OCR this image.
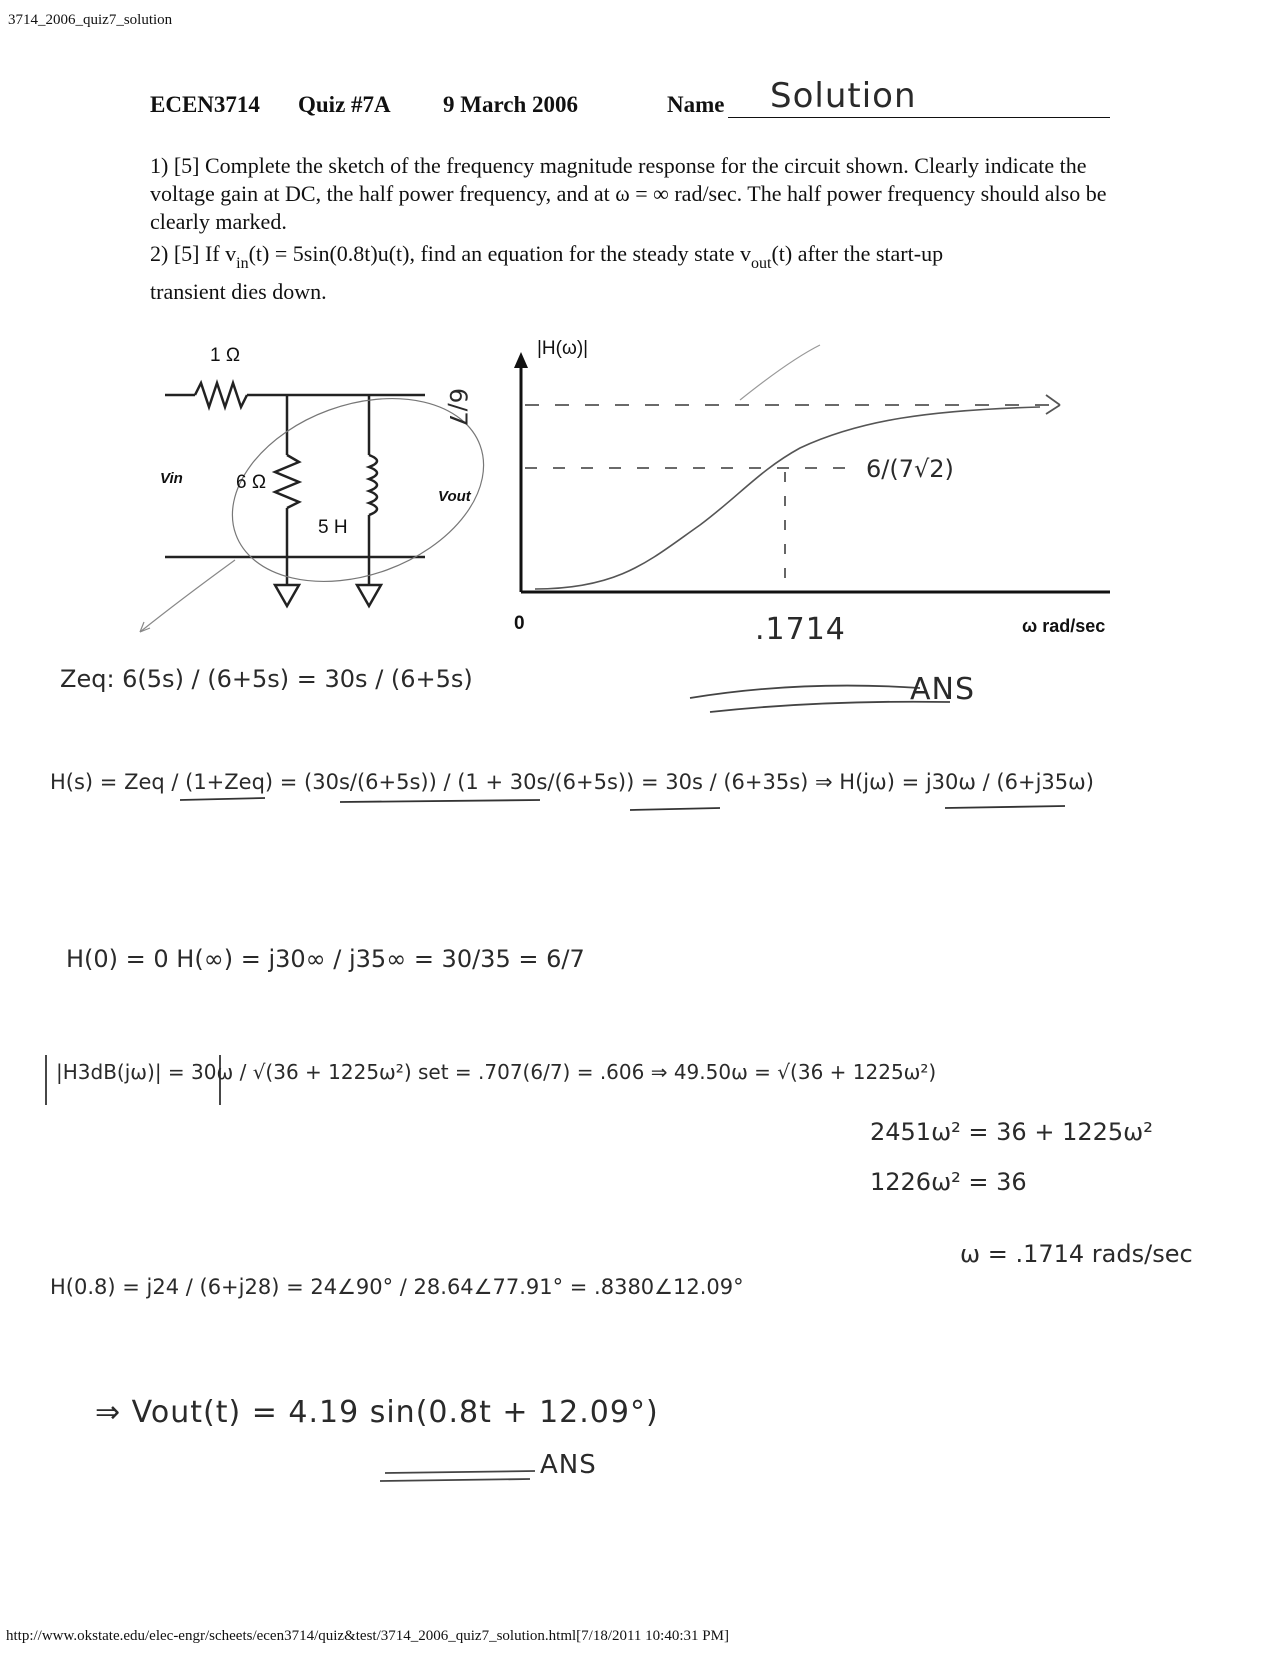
3714_2006_quiz7_solution
ECEN3714 Quiz #7A 9 March 2006	Name Solution
1) [5] Complete the sketch of the frequency magnitude response for the circuit shown. Clearly indicate the voltage gain at DC, the half power frequency, and at ω = ∞ rad/sec. The half power frequency should also be clearly marked.
2) [5] If $v_{in}(t) = 5\sin(0.8t)u(t)$, find an equation for the steady state $v_{out}(t)$ after the start-up
transient dies down.
1 Ω
6 Ω
5 H
Vin
Vout
|H(ω)|
ω rad/sec
0
6/7
6/(7√2)
.1714
ANS
Zeq: 6(5s) / (6+5s) = 30s / (6+5s)
H(s) = Zeq / (1+Zeq) = (30s/(6+5s)) / (1 + 30s/(6+5s)) = 30s / (6+35s) ⇒ H(jω) = j30ω / (6+j35ω)
H(0) = 0 H(∞) = j30∞ / j35∞ = 30/35 = 6/7
|H3dB(jω)| = 30ω / √(36 + 1225ω²) set = .707(6/7) = .606 ⇒ 49.50ω = √(36 + 1225ω²)
2451ω² = 36 + 1225ω²
1226ω² = 36
ω = .1714 rads/sec
H(0.8) = j24 / (6+j28) = 24∠90° / 28.64∠77.91° = .8380∠12.09°
⇒ Vout(t) = 4.19 sin(0.8t + 12.09°)
ANS
http://www.okstate.edu/elec-engr/scheets/ecen3714/quiz&test/3714_2006_quiz7_solution.html[7/18/2011 10:40:31 PM]
